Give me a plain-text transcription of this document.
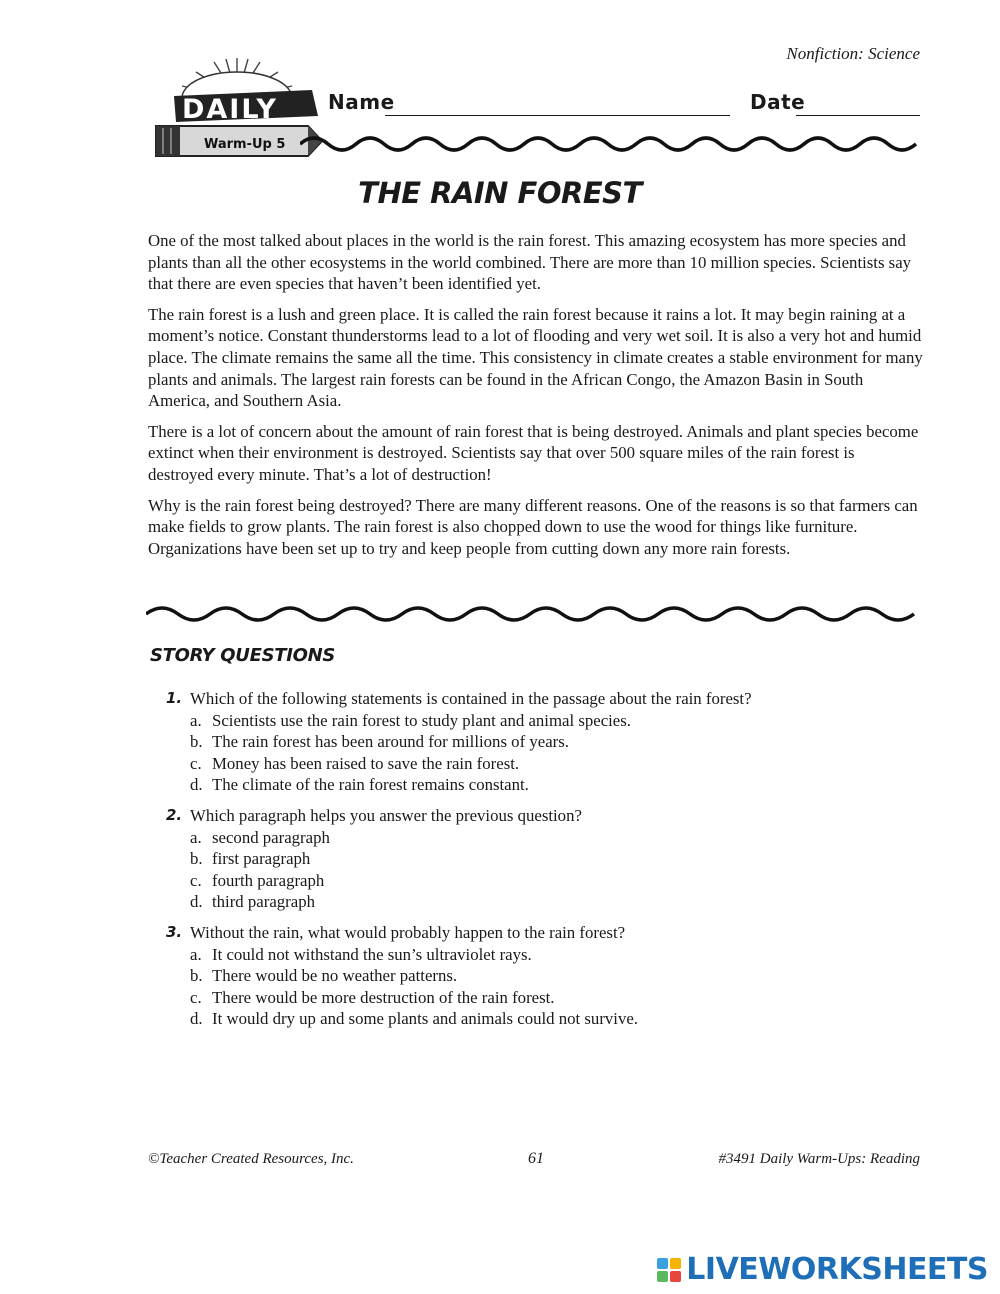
Nonfiction: Science
DAILY
Warm-Up 5
Name	Date
THE RAIN FOREST

One of the most talked about places in the world is the rain forest. This amazing ecosystem has more species and plants than all the other ecosystems in the world combined. There are more than 10 million species. Scientists say that there are even species that haven’t been identified yet.

The rain forest is a lush and green place. It is called the rain forest because it rains a lot. It may begin raining at a moment’s notice. Constant thunderstorms lead to a lot of flooding and very wet soil. It is also a very hot and humid place. The climate remains the same all the time. This consistency in climate creates a stable environment for many plants and animals. The largest rain forests can be found in the African Congo, the Amazon Basin in South America, and Southern Asia.

There is a lot of concern about the amount of rain forest that is being destroyed. Animals and plant species become extinct when their environment is destroyed. Scientists say that over 500 square miles of the rain forest is destroyed every minute. That’s a lot of destruction!

Why is the rain forest being destroyed? There are many different reasons. One of the reasons is so that farmers can make fields to grow plants. The rain forest is also chopped down to use the wood for things like furniture. Organizations have been set up to try and keep people from cutting down any more rain forests.

STORY QUESTIONS
1. Which of the following statements is contained in the passage about the rain forest?
a. Scientists use the rain forest to study plant and animal species.
b. The rain forest has been around for millions of years.
c. Money has been raised to save the rain forest.
d. The climate of the rain forest remains constant.
2. Which paragraph helps you answer the previous question?
a. second paragraph
b. first paragraph
c. fourth paragraph
d. third paragraph
3. Without the rain, what would probably happen to the rain forest?
a. It could not withstand the sun’s ultraviolet rays.
b. There would be no weather patterns.
c. There would be more destruction of the rain forest.
d. It would dry up and some plants and animals could not survive.
©Teacher Created Resources, Inc.	61	#3491 Daily Warm-Ups: Reading
LIVEWORKSHEETS
